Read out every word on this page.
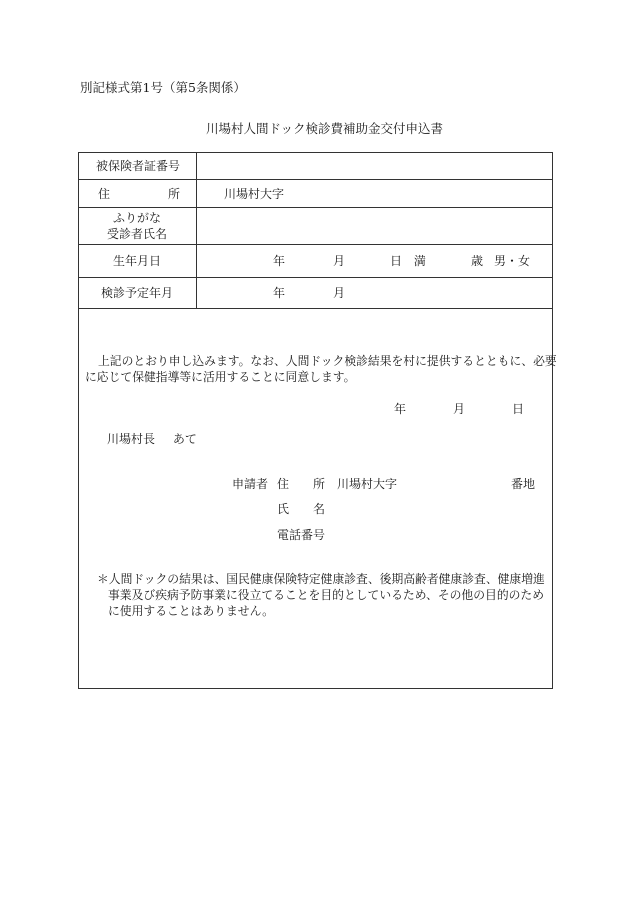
別記様式第1号（第5条関係）
川場村人間ドック検診費補助金交付申込書
被保険者証番号
住	所	川場村大字
ふりがな
受診者氏名
生年月日	年	月	日 満	歳 男・女
検診予定年月	年	月
上記のとおり申し込みます。なお、人間ドック検診結果を村に提供するとともに、必要
に応じて保健指導等に活用することに同意します。
年	月	日
川場村長 あて
申請者 住 所 川場村大字	番地
氏 名
電話番号
＊人間ドックの結果は、国民健康保険特定健康診査、後期高齢者健康診査、健康増進
事業及び疾病予防事業に役立てることを目的としているため、その他の目的のため
に使用することはありません。
